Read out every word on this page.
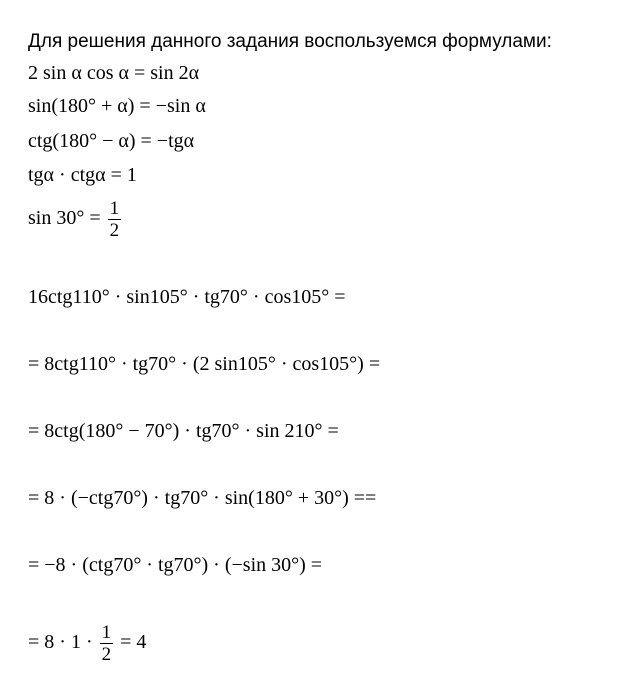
Для решения данного задания воспользуемся формулами:
2 sin α cos α = sin 2α
sin(180° + α) = −sin α
ctg(180° − α) = −tgα
tgα · ctgα = 1
$\sin 30^\circ = \frac{1}{2}$
16ctg110° · sin105° · tg70° · cos105° =
= 8ctg110° · tg70° · (2 sin105° · cos105°) =
= 8ctg(180° − 70°) · tg70° · sin 210° =
= 8 · (−ctg70°) · tg70° · sin(180° + 30°) ==
= −8 · (ctg70° · tg70°) · (−sin 30°) =
= $8 \cdot 1 \cdot \frac{1}{2} = 4$
